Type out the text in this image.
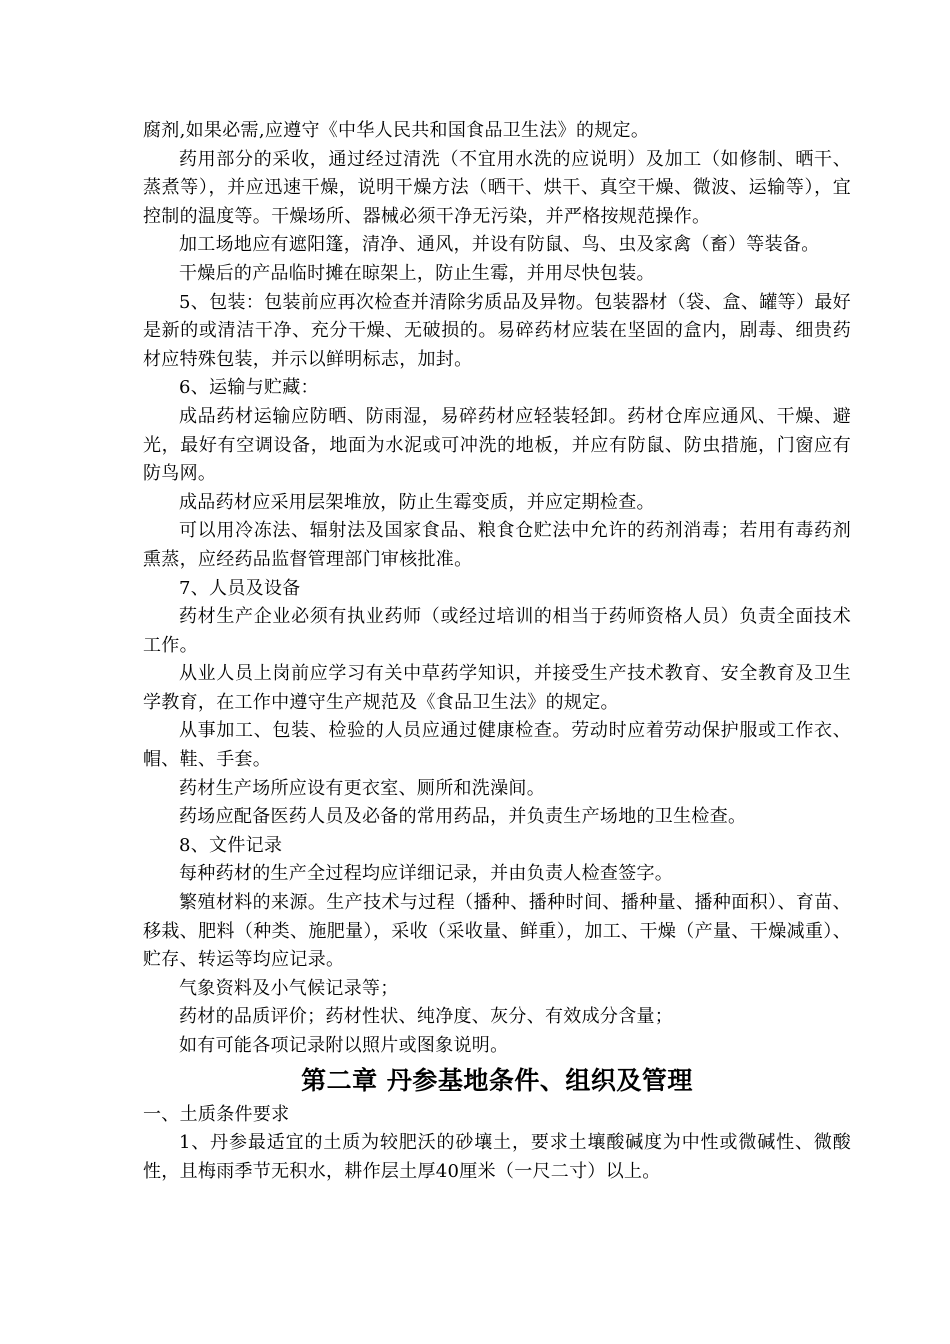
腐剂,如果必需,应遵守《中华人民共和国食品卫生法》的规定。

药用部分的采收，通过经过清洗（不宜用水洗的应说明）及加工（如修制、晒干、蒸煮等），并应迅速干燥，说明干燥方法（晒干、烘干、真空干燥、微波、运输等），宜控制的温度等。干燥场所、器械必须干净无污染，并严格按规范操作。

加工场地应有遮阳篷，清净、通风，并设有防鼠、鸟、虫及家禽（畜）等装备。

干燥后的产品临时摊在晾架上，防止生霉，并用尽快包装。

5、包装：包装前应再次检查并清除劣质品及异物。包装器材（袋、盒、罐等）最好是新的或清洁干净、充分干燥、无破损的。易碎药材应装在坚固的盒内，剧毒、细贵药材应特殊包装，并示以鲜明标志，加封。

6、运输与贮藏：

成品药材运输应防晒、防雨湿，易碎药材应轻装轻卸。药材仓库应通风、干燥、避光，最好有空调设备，地面为水泥或可冲洗的地板，并应有防鼠、防虫措施，门窗应有防鸟网。

成品药材应采用层架堆放，防止生霉变质，并应定期检查。

可以用冷冻法、辐射法及国家食品、粮食仓贮法中允许的药剂消毒；若用有毒药剂熏蒸，应经药品监督管理部门审核批准。

7、人员及设备

药材生产企业必须有执业药师（或经过培训的相当于药师资格人员）负责全面技术工作。

从业人员上岗前应学习有关中草药学知识，并接受生产技术教育、安全教育及卫生学教育，在工作中遵守生产规范及《食品卫生法》的规定。

从事加工、包装、检验的人员应通过健康检查。劳动时应着劳动保护服或工作衣、帽、鞋、手套。

药材生产场所应设有更衣室、厕所和洗澡间。

药场应配备医药人员及必备的常用药品，并负责生产场地的卫生检查。

8、文件记录

每种药材的生产全过程均应详细记录，并由负责人检查签字。

繁殖材料的来源。生产技术与过程（播种、播种时间、播种量、播种面积）、育苗、移栽、肥料（种类、施肥量），采收（采收量、鲜重），加工、干燥（产量、干燥减重）、贮存、转运等均应记录。

气象资料及小气候记录等；

药材的品质评价；药材性状、纯净度、灰分、有效成分含量；

如有可能各项记录附以照片或图象说明。

第二章 丹参基地条件、组织及管理

一、土质条件要求

1、丹参最适宜的土质为较肥沃的砂壤土，要求土壤酸碱度为中性或微碱性、微酸性，且梅雨季节无积水，耕作层土厚40厘米（一尺二寸）以上。
